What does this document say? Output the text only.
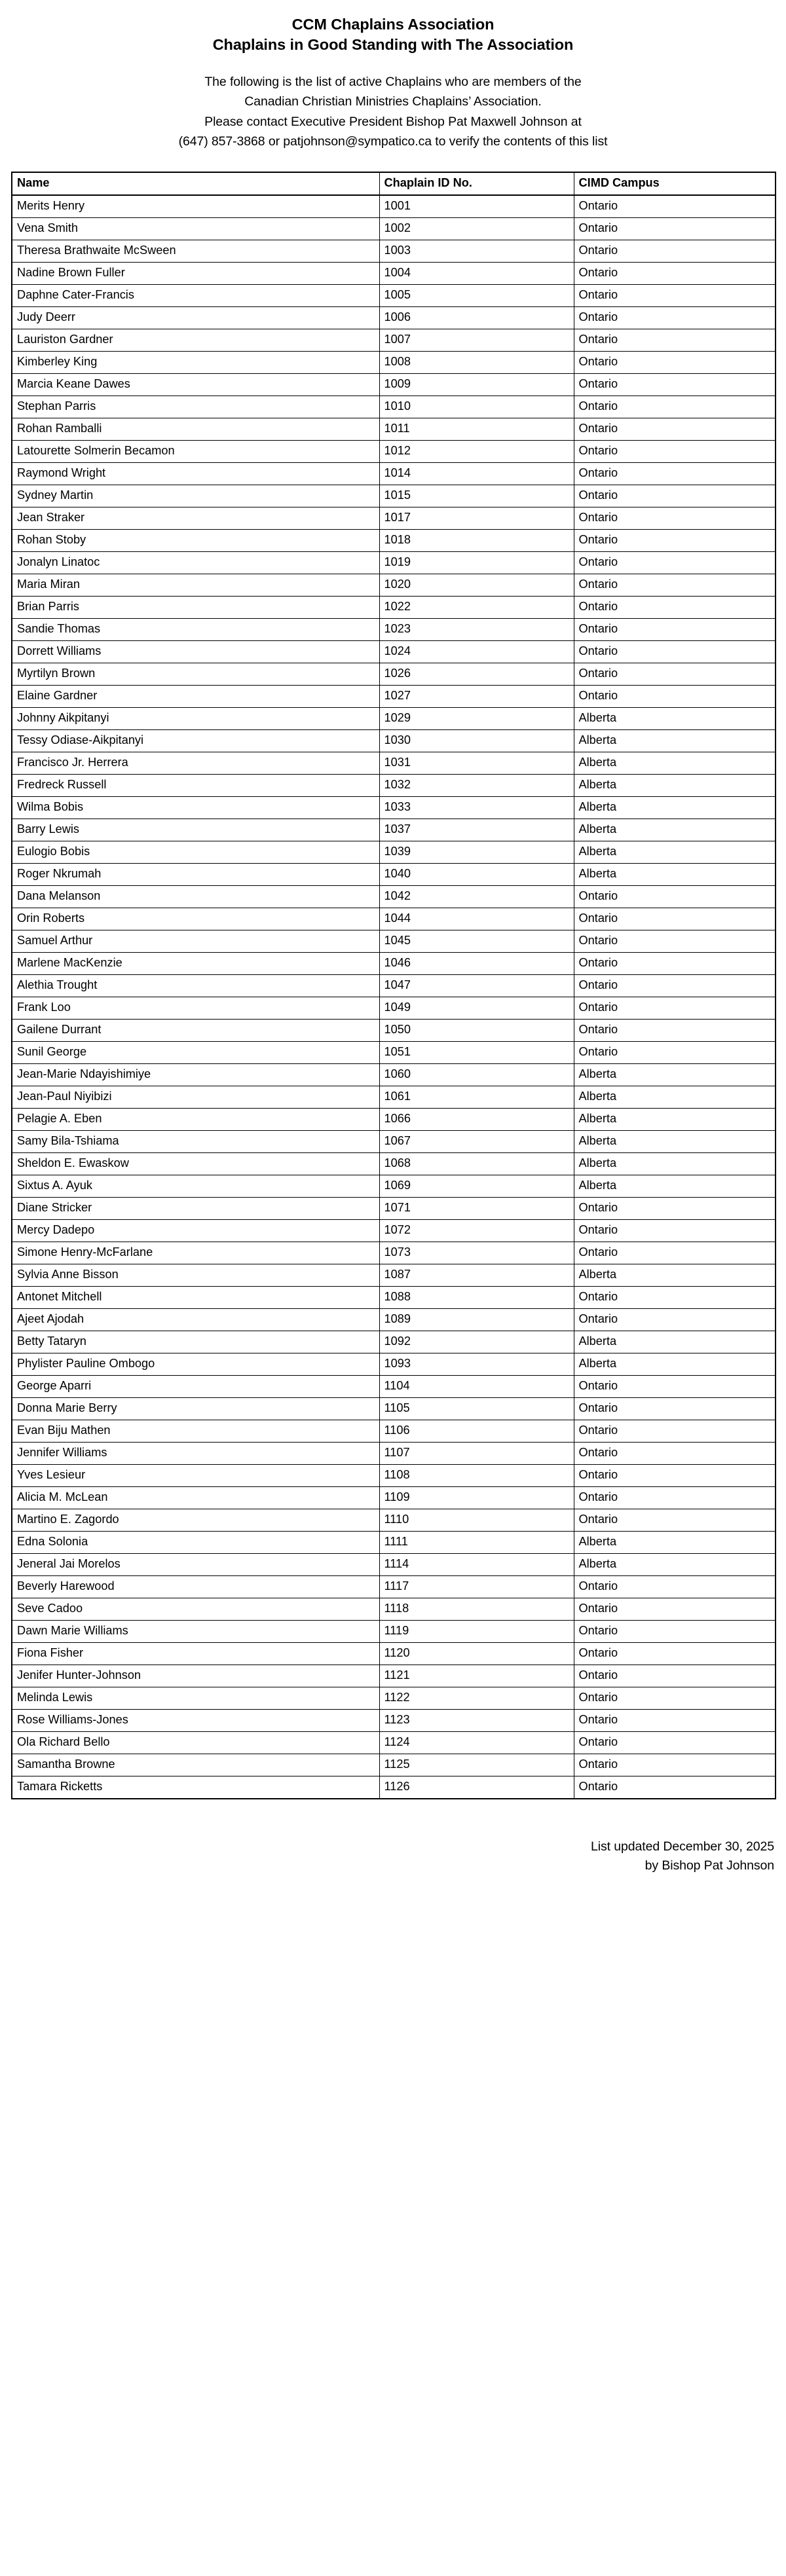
CCM Chaplains Association
Chaplains in Good Standing with The Association

The following is the list of active Chaplains who are members of the

Canadian Christian Ministries Chaplains’ Association.

Please contact Executive President Bishop Pat Maxwell Johnson at

(647) 857-3868 or patjohnson@sympatico.ca to verify the contents of this list

Name	Chaplain ID No.	CIMD Campus
Merits Henry	1001	Ontario
Vena Smith	1002	Ontario
Theresa Brathwaite McSween	1003	Ontario
Nadine Brown Fuller	1004	Ontario
Daphne Cater-Francis	1005	Ontario
Judy Deerr	1006	Ontario
Lauriston Gardner	1007	Ontario
Kimberley King	1008	Ontario
Marcia Keane Dawes	1009	Ontario
Stephan Parris	1010	Ontario
Rohan Ramballi	1011	Ontario
Latourette Solmerin Becamon	1012	Ontario
Raymond Wright	1014	Ontario
Sydney Martin	1015	Ontario
Jean Straker	1017	Ontario
Rohan Stoby	1018	Ontario
Jonalyn Linatoc	1019	Ontario
Maria Miran	1020	Ontario
Brian Parris	1022	Ontario
Sandie Thomas	1023	Ontario
Dorrett Williams	1024	Ontario
Myrtilyn Brown	1026	Ontario
Elaine Gardner	1027	Ontario
Johnny Aikpitanyi	1029	Alberta
Tessy Odiase-Aikpitanyi	1030	Alberta
Francisco Jr. Herrera	1031	Alberta
Fredreck Russell	1032	Alberta
Wilma Bobis	1033	Alberta
Barry Lewis	1037	Alberta
Eulogio Bobis	1039	Alberta
Roger Nkrumah	1040	Alberta
Dana Melanson	1042	Ontario
Orin Roberts	1044	Ontario
Samuel Arthur	1045	Ontario
Marlene MacKenzie	1046	Ontario
Alethia Trought	1047	Ontario
Frank Loo	1049	Ontario
Gailene Durrant	1050	Ontario
Sunil George	1051	Ontario
Jean-Marie Ndayishimiye	1060	Alberta
Jean-Paul Niyibizi	1061	Alberta
Pelagie A. Eben	1066	Alberta
Samy Bila-Tshiama	1067	Alberta
Sheldon E. Ewaskow	1068	Alberta
Sixtus A. Ayuk	1069	Alberta
Diane Stricker	1071	Ontario
Mercy Dadepo	1072	Ontario
Simone Henry-McFarlane	1073	Ontario
Sylvia Anne Bisson	1087	Alberta
Antonet Mitchell	1088	Ontario
Ajeet Ajodah	1089	Ontario
Betty Tataryn	1092	Alberta
Phylister Pauline Ombogo	1093	Alberta
George Aparri	1104	Ontario
Donna Marie Berry	1105	Ontario
Evan Biju Mathen	1106	Ontario
Jennifer Williams	1107	Ontario
Yves Lesieur	1108	Ontario
Alicia M. McLean	1109	Ontario
Martino E. Zagordo	1110	Ontario
Edna Solonia	1111	Alberta
Jeneral Jai Morelos	1114	Alberta
Beverly Harewood	1117	Ontario
Seve Cadoo	1118	Ontario
Dawn Marie Williams	1119	Ontario
Fiona Fisher	1120	Ontario
Jenifer Hunter-Johnson	1121	Ontario
Melinda Lewis	1122	Ontario
Rose Williams-Jones	1123	Ontario
Ola Richard Bello	1124	Ontario
Samantha Browne	1125	Ontario
Tamara Ricketts	1126	Ontario
List updated December 30, 2025
by Bishop Pat Johnson
